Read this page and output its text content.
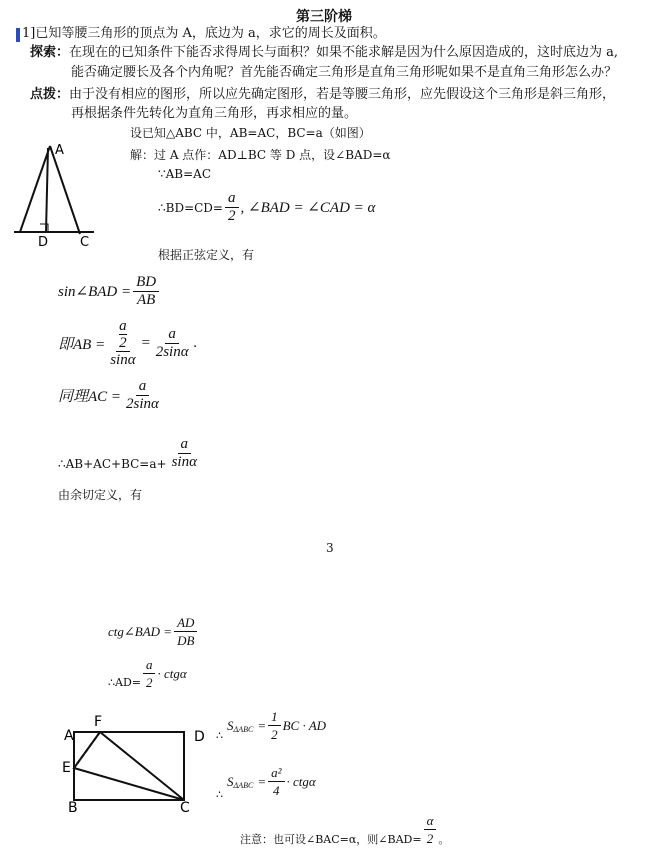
第三阶梯
1]已知等腰三角形的顶点为 A，底边为 a，求它的周长及面积。
探索：在现在的已知条件下能否求得周长与面积？如果不能求解是因为什么原因造成的，这时底边为 a,
能否确定腰长及各个内角呢？首先能否确定三角形是直角三角形呢如果不是直角三角形怎么办？
点拨：由于没有相应的图形，所以应先确定图形，若是等腰三角形，应先假设这个三角形是斜三角形，
再根据条件先转化为直角三角形，再求相应的量。
A
D C
设已知△ABC 中，AB=AC，BC=a（如图）
解：过 A 点作：AD⊥BC 等 D 点，设∠BAD=α
∵AB=AC
∴BD=CD= $\frac{a}{2}$ , ∠BAD = ∠CAD = α
根据正弦定义，有
sin∠BAD = $\frac{BD}{AB}$
即AB = a
2
$\sin\alpha = \frac{a}{2\sin\alpha}$ .
同理AC = $\frac{a}{2\sin\alpha}$
∴AB+AC+BC=a+ $\frac{a}{\sin\alpha}$
由余切定义，有
3
ctg∠BAD = $\frac{AD}{DB}$
∴AD= $\frac{a}{2} \cdot ctg\alpha$
A
F
D
E
B	C
∴
S $\Delta ABC = \frac{1}{2}$ BC · AD
∴
S $\Delta ABC = \frac{\text{a²}}{4} \cdot ctg\alpha$
注意：也可设∠BAC=α，则∠BAD= $\frac{\alpha}{2}$ 。
